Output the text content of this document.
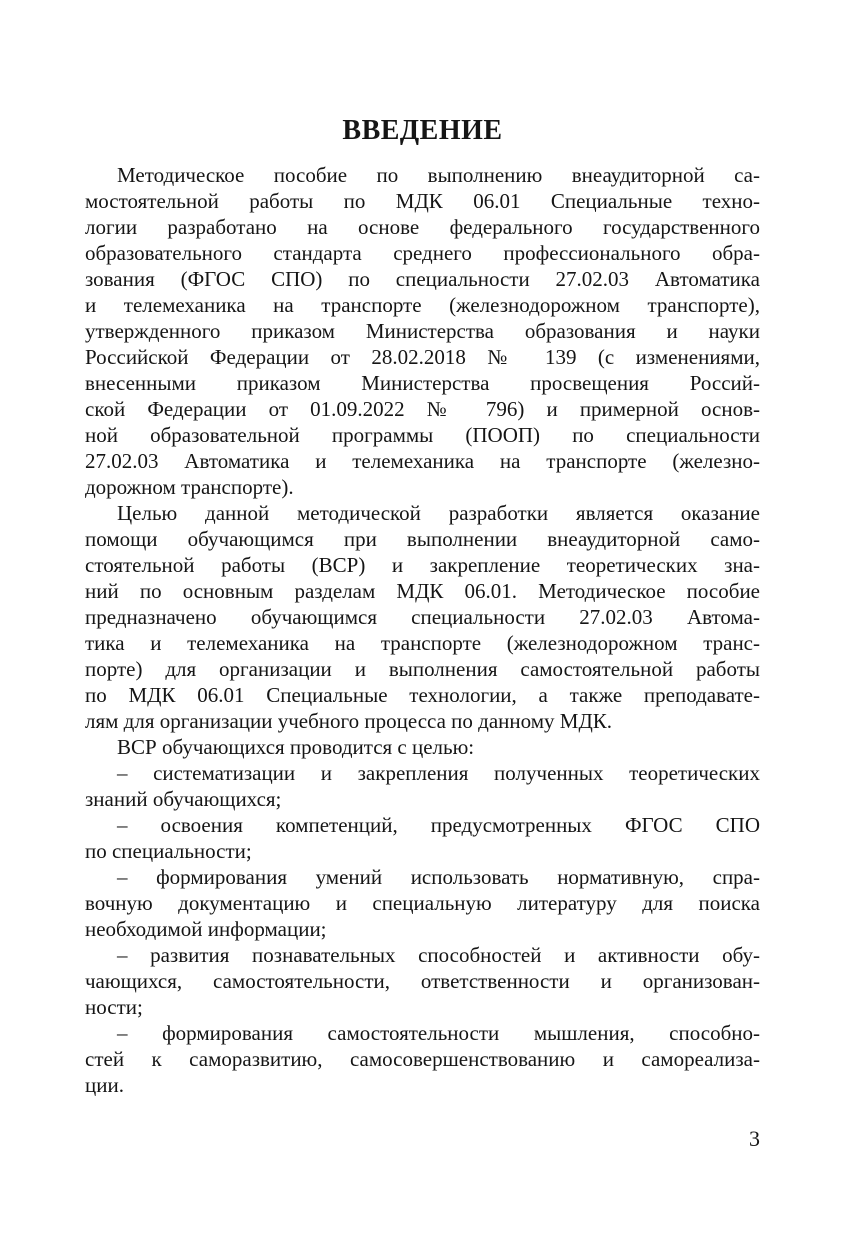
ВВЕДЕНИЕ
Методическое пособие по выполнению внеаудиторной са-
мостоятельной работы по МДК 06.01 Специальные техно-
логии разработано на основе федерального государственного
образовательного стандарта среднего профессионального обра-
зования (ФГОС СПО) по специальности 27.02.03 Автоматика
и телемеханика на транспорте (железнодорожном транспорте),
утвержденного приказом Министерства образования и науки
Российской Федерации от 28.02.2018 № 139 (с изменениями,
внесенными приказом Министерства просвещения Россий-
ской Федерации от 01.09.2022 № 796) и примерной основ-
ной образовательной программы (ПООП) по специальности
27.02.03 Автоматика и телемеханика на транспорте (железно-
дорожном транспорте).
Целью данной методической разработки является оказание
помощи обучающимся при выполнении внеаудиторной само-
стоятельной работы (ВСР) и закрепление теоретических зна-
ний по основным разделам МДК 06.01. Методическое пособие
предназначено обучающимся специальности 27.02.03 Автома-
тика и телемеханика на транспорте (железнодорожном транс-
порте) для организации и выполнения самостоятельной работы
по МДК 06.01 Специальные технологии, а также преподавате-
лям для организации учебного процесса по данному МДК.
ВСР обучающихся проводится с целью:
– систематизации и закрепления полученных теоретических
знаний обучающихся;
– освоения компетенций, предусмотренных ФГОС СПО
по специальности;
– формирования умений использовать нормативную, спра-
вочную документацию и специальную литературу для поиска
необходимой информации;
– развития познавательных способностей и активности обу-
чающихся, самостоятельности, ответственности и организован-
ности;
– формирования самостоятельности мышления, способно-
стей к саморазвитию, самосовершенствованию и самореализа-
ции.
3
